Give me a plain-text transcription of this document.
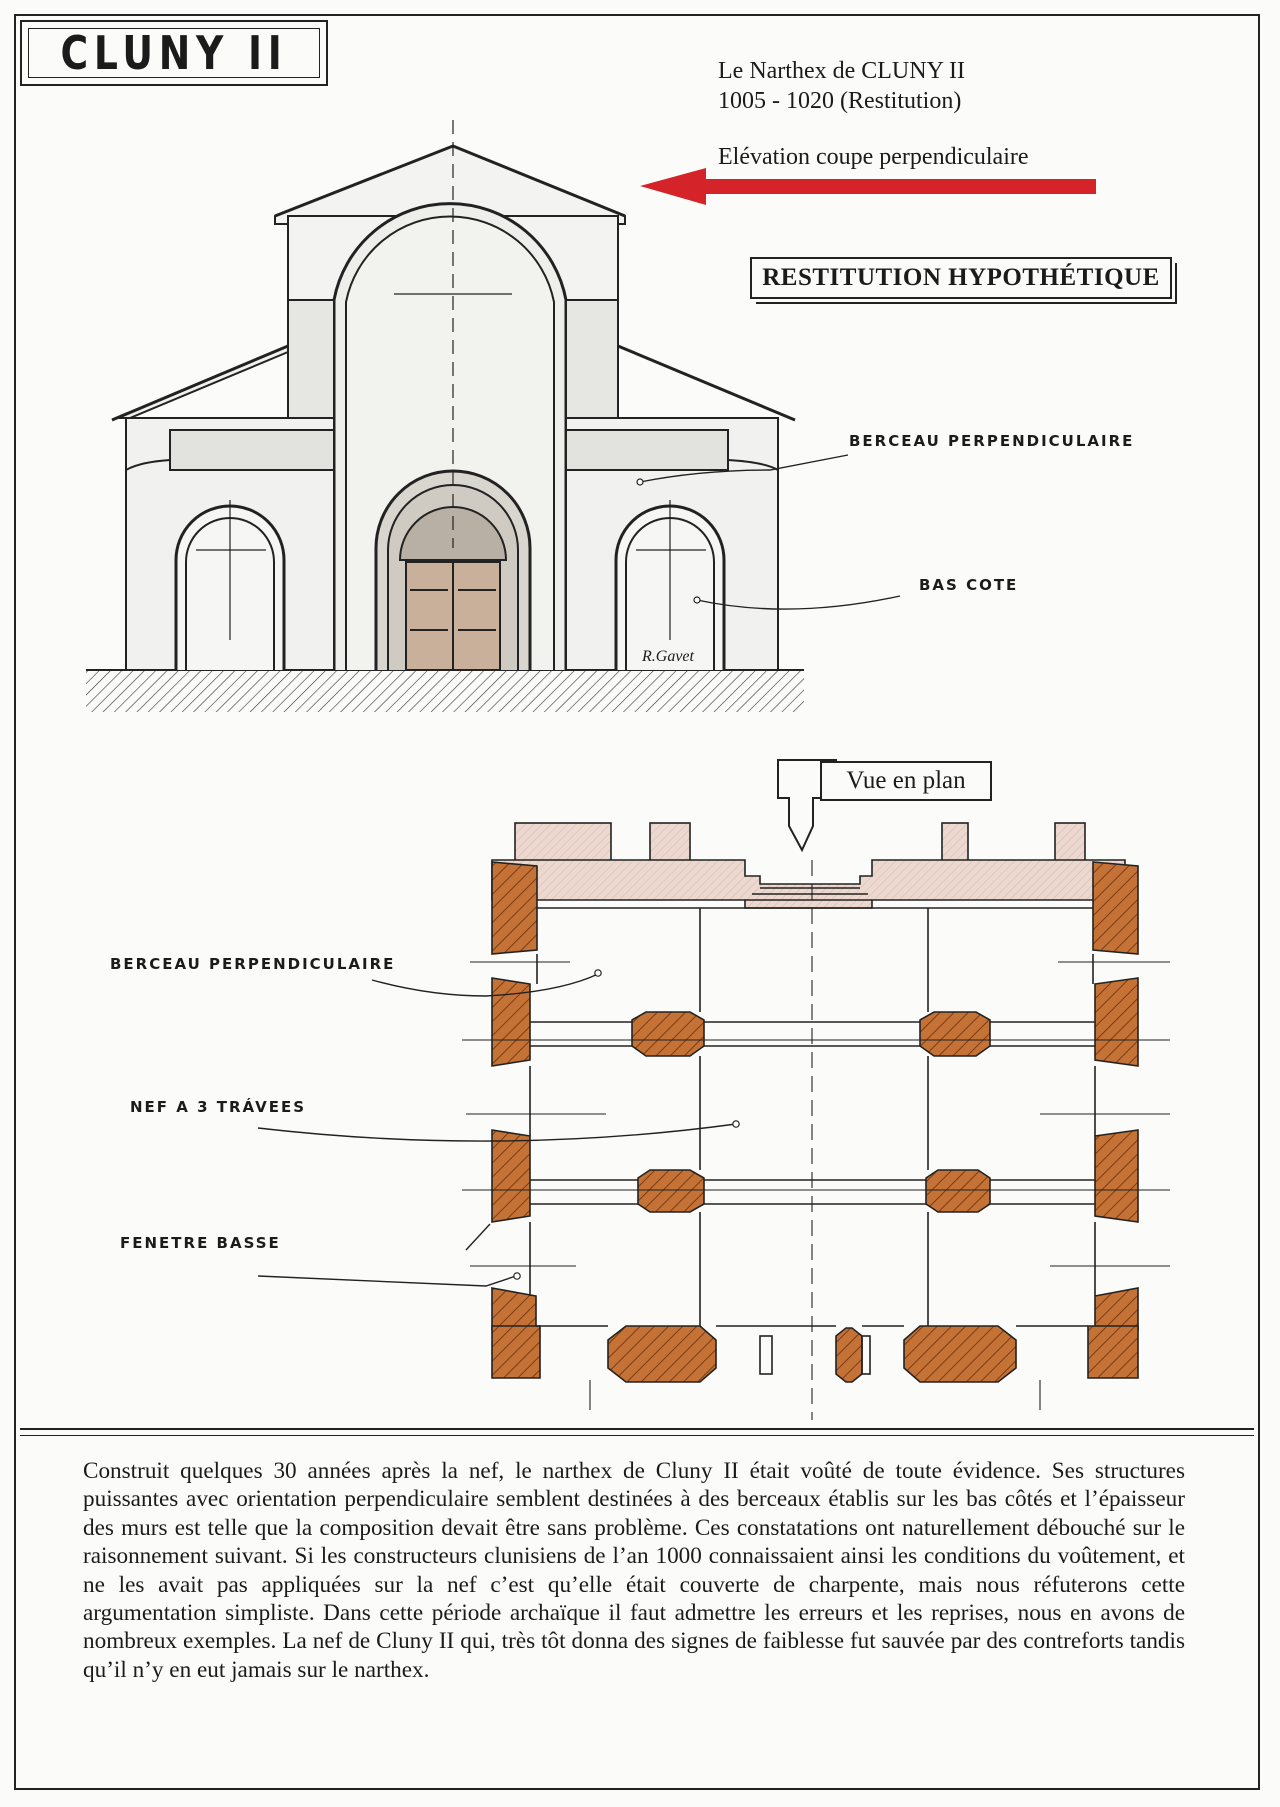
CLUNY II	Le Narthex de CLUNY II
1005 - 1020 (Restitution)
Elévation coupe perpendiculaire
RESTITUTION HYPOTHÉTIQUE
BERCEAU PERPENDICULAIRE
BAS COTE
R.Gavet
Vue en plan
BERCEAU PERPENDICULAIRE
NEF A 3 TRÁVEES
FENETRE BASSE
Construit quelques 30 années après la nef, le narthex de Cluny II était voûté de toute évidence. Ses structures puissantes avec orientation perpendiculaire semblent destinées à des berceaux établis sur les bas côtés et l’épaisseur des murs est telle que la composition devait être sans problème. Ces constatations ont naturellement débouché sur le raisonnement suivant. Si les constructeurs clunisiens de l’an 1000 connaissaient ainsi les conditions du voûtement, et ne les avait pas appliquées sur la nef c’est qu’elle était couverte de charpente, mais nous réfuterons cette argumentation simpliste. Dans cette période archaïque il faut admettre les erreurs et les reprises, nous en avons de nombreux exemples. La nef de Cluny II qui, très tôt donna des signes de faiblesse fut sauvée par des contreforts tandis qu’il n’y en eut jamais sur le narthex.
